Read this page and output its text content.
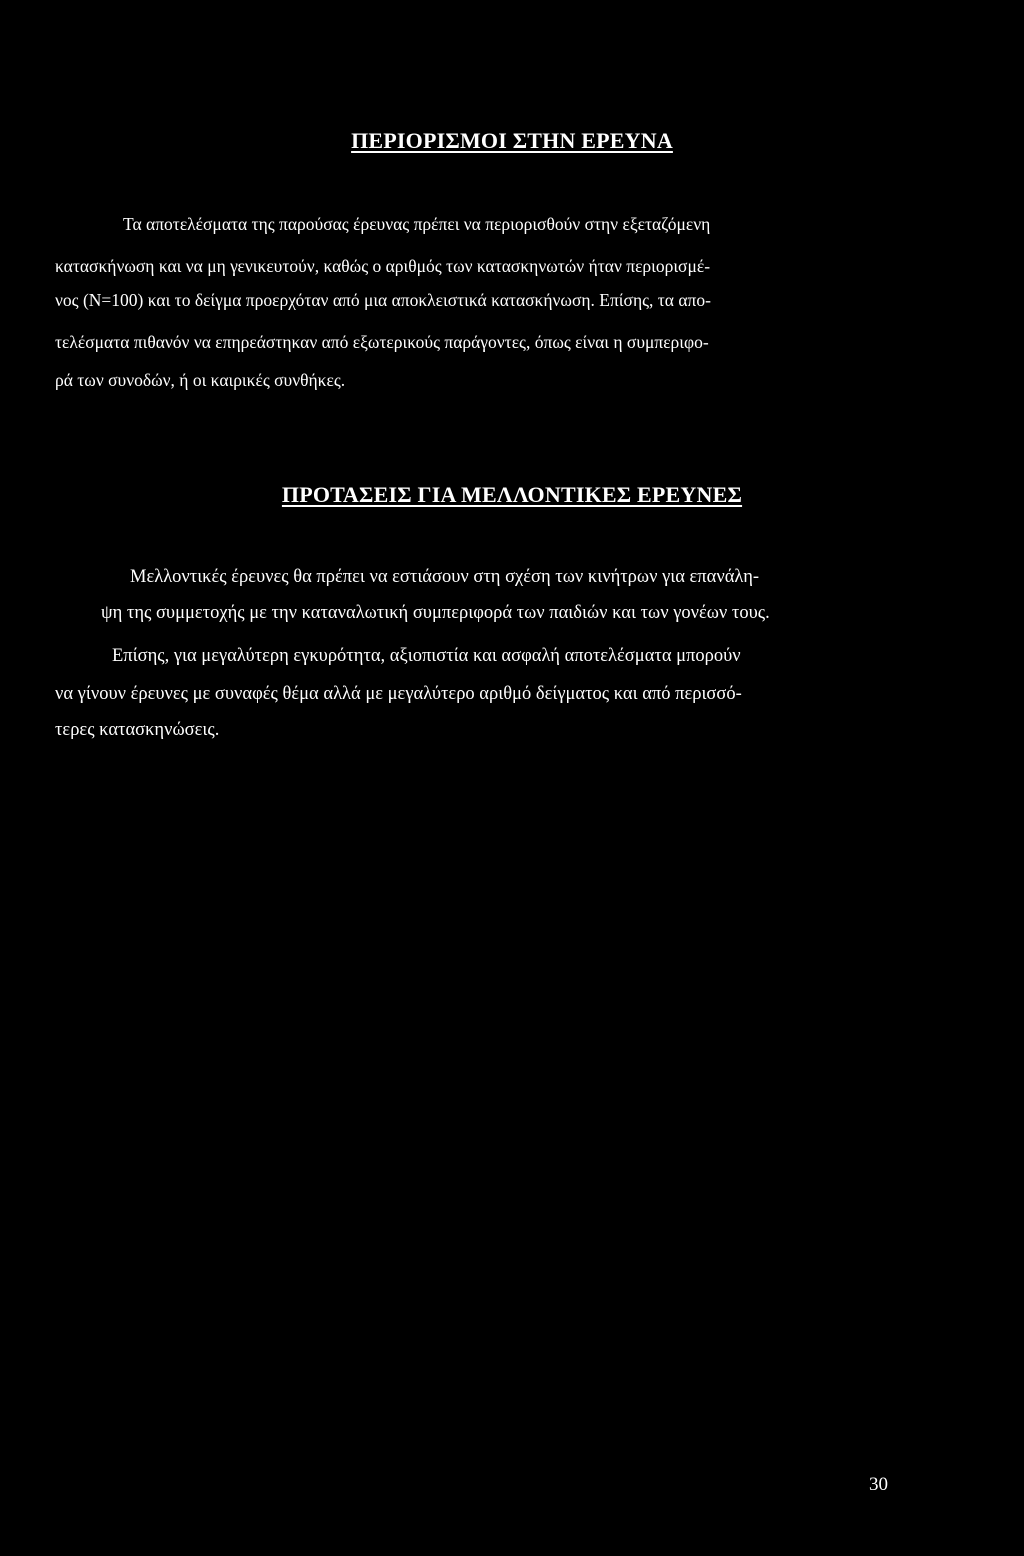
ΠΕΡΙΟΡΙΣΜΟΙ ΣΤΗΝ ΕΡΕΥΝΑ
Τα αποτελέσματα της παρούσας έρευνας πρέπει να περιορισθούν στην εξεταζόμενη
κατασκήνωση και να μη γενικευτούν, καθώς ο αριθμός των κατασκηνωτών ήταν περιορισμέ-
νος (Ν=100) και το δείγμα προερχόταν από μια αποκλειστικά κατασκήνωση. Επίσης, τα απο-
τελέσματα πιθανόν να επηρεάστηκαν από εξωτερικούς παράγοντες, όπως είναι η συμπεριφο-
ρά των συνοδών, ή οι καιρικές συνθήκες.
ΠΡΟΤΑΣΕΙΣ ΓΙΑ ΜΕΛΛΟΝΤΙΚΕΣ ΕΡΕΥΝΕΣ
Μελλοντικές έρευνες θα πρέπει να εστιάσουν στη σχέση των κινήτρων για επανάλη-
ψη της συμμετοχής με την καταναλωτική συμπεριφορά των παιδιών και των γονέων τους.
Επίσης, για μεγαλύτερη εγκυρότητα, αξιοπιστία και ασφαλή αποτελέσματα μπορούν
να γίνουν έρευνες με συναφές θέμα αλλά με μεγαλύτερο αριθμό δείγματος και από περισσό-
τερες κατασκηνώσεις.
30
